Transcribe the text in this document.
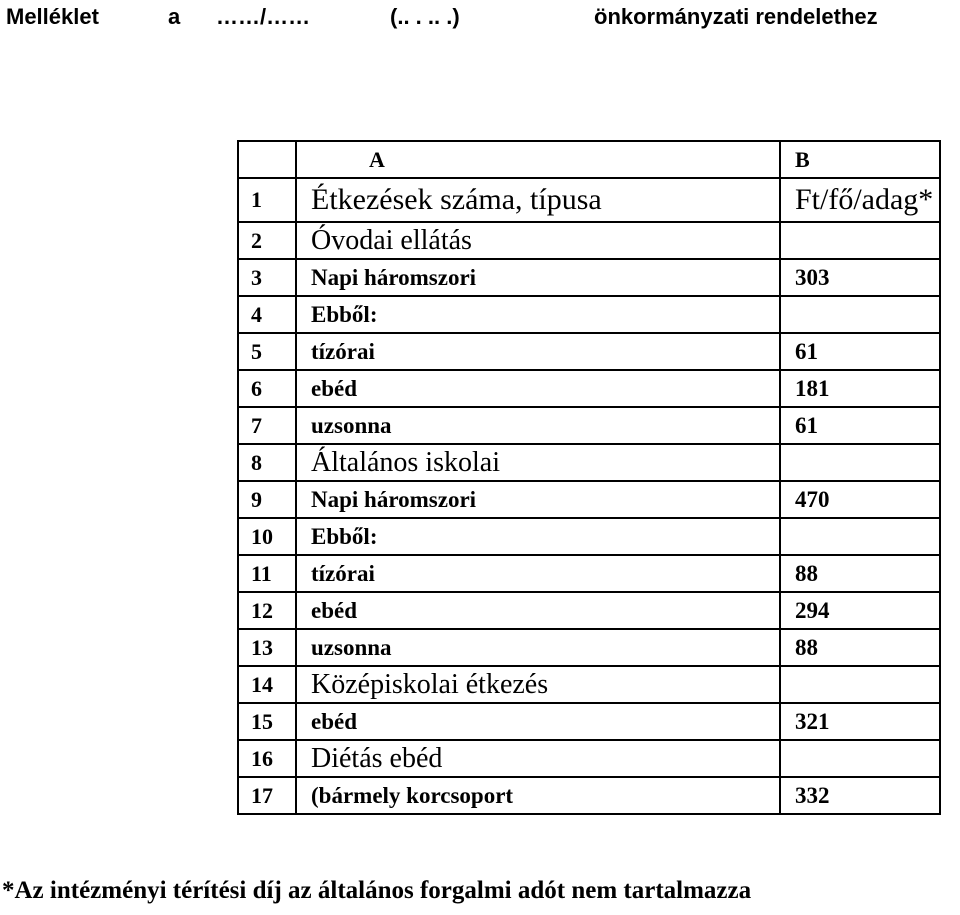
Melléklet	a ……/……	(.. . .. .)	önkormányzati rendelethez
	A	B
1	Étkezések száma, típusa	Ft/fő/adag*
2	Óvodai ellátás	
3	Napi háromszori	303
4	Ebből:	
5	tízórai	61
6	ebéd	181
7	uzsonna	61
8	Általános iskolai	
9	Napi háromszori	470
10	Ebből:	
11	tízórai	88
12	ebéd	294
13	uzsonna	88
14	Középiskolai étkezés	
15	ebéd	321
16	Diétás ebéd	
17	(bármely korcsoport	332
*Az intézményi térítési díj az általános forgalmi adót nem tartalmazza
